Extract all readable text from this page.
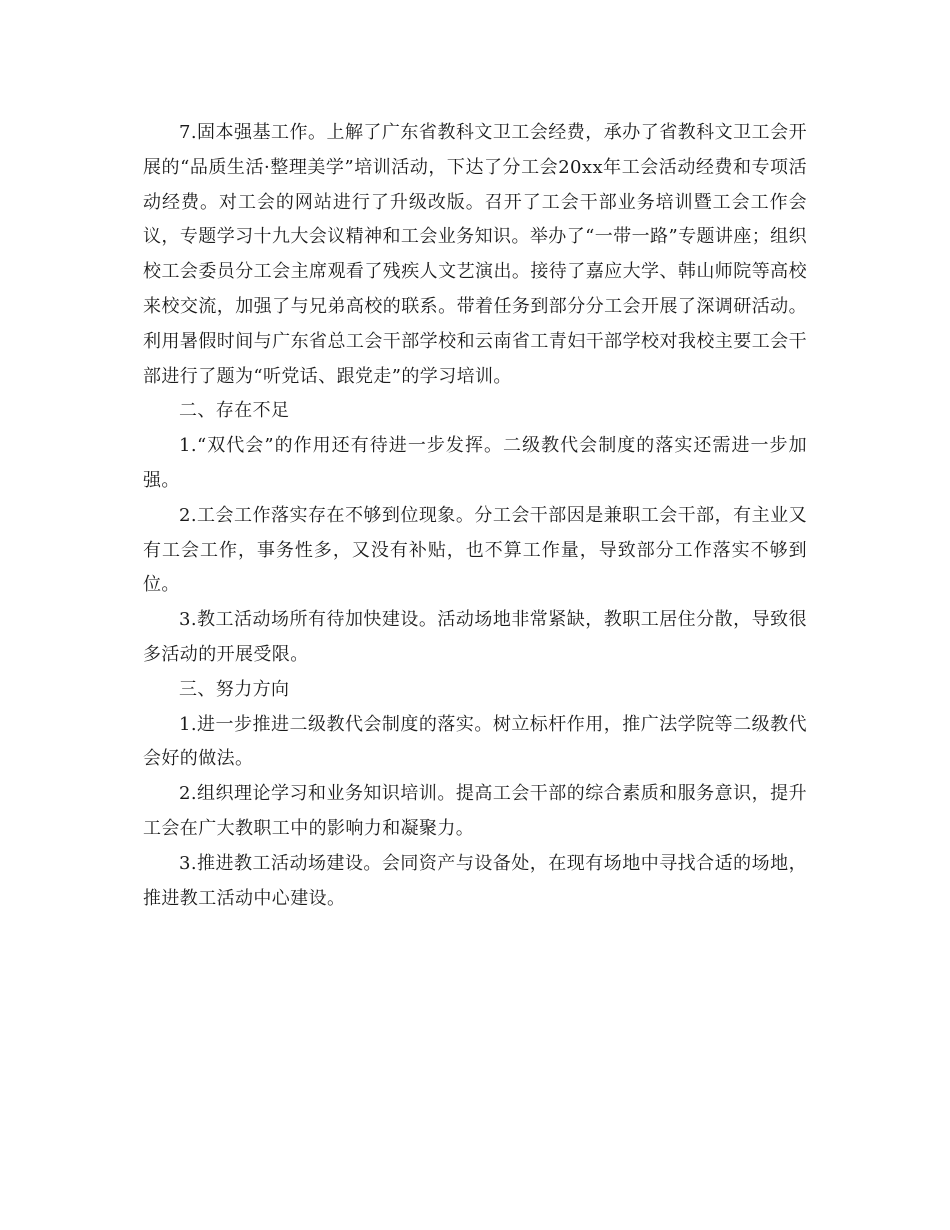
7.固本强基工作。上解了广东省教科文卫工会经费，承办了省教科文卫工会开展的“品质生活·整理美学”培训活动，下达了分工会20xx年工会活动经费和专项活动经费。对工会的网站进行了升级改版。召开了工会干部业务培训暨工会工作会议，专题学习十九大会议精神和工会业务知识。举办了“一带一路”专题讲座；组织校工会委员分工会主席观看了残疾人文艺演出。接待了嘉应大学、韩山师院等高校来校交流，加强了与兄弟高校的联系。带着任务到部分分工会开展了深调研活动。利用暑假时间与广东省总工会干部学校和云南省工青妇干部学校对我校主要工会干部进行了题为“听党话、跟党走”的学习培训。

二、存在不足

1.“双代会”的作用还有待进一步发挥。二级教代会制度的落实还需进一步加强。

2.工会工作落实存在不够到位现象。分工会干部因是兼职工会干部，有主业又有工会工作，事务性多，又没有补贴，也不算工作量，导致部分工作落实不够到位。

3.教工活动场所有待加快建设。活动场地非常紧缺，教职工居住分散，导致很多活动的开展受限。

三、努力方向

1.进一步推进二级教代会制度的落实。树立标杆作用，推广法学院等二级教代会好的做法。

2.组织理论学习和业务知识培训。提高工会干部的综合素质和服务意识，提升工会在广大教职工中的影响力和凝聚力。

3.推进教工活动场建设。会同资产与设备处，在现有场地中寻找合适的场地，推进教工活动中心建设。
